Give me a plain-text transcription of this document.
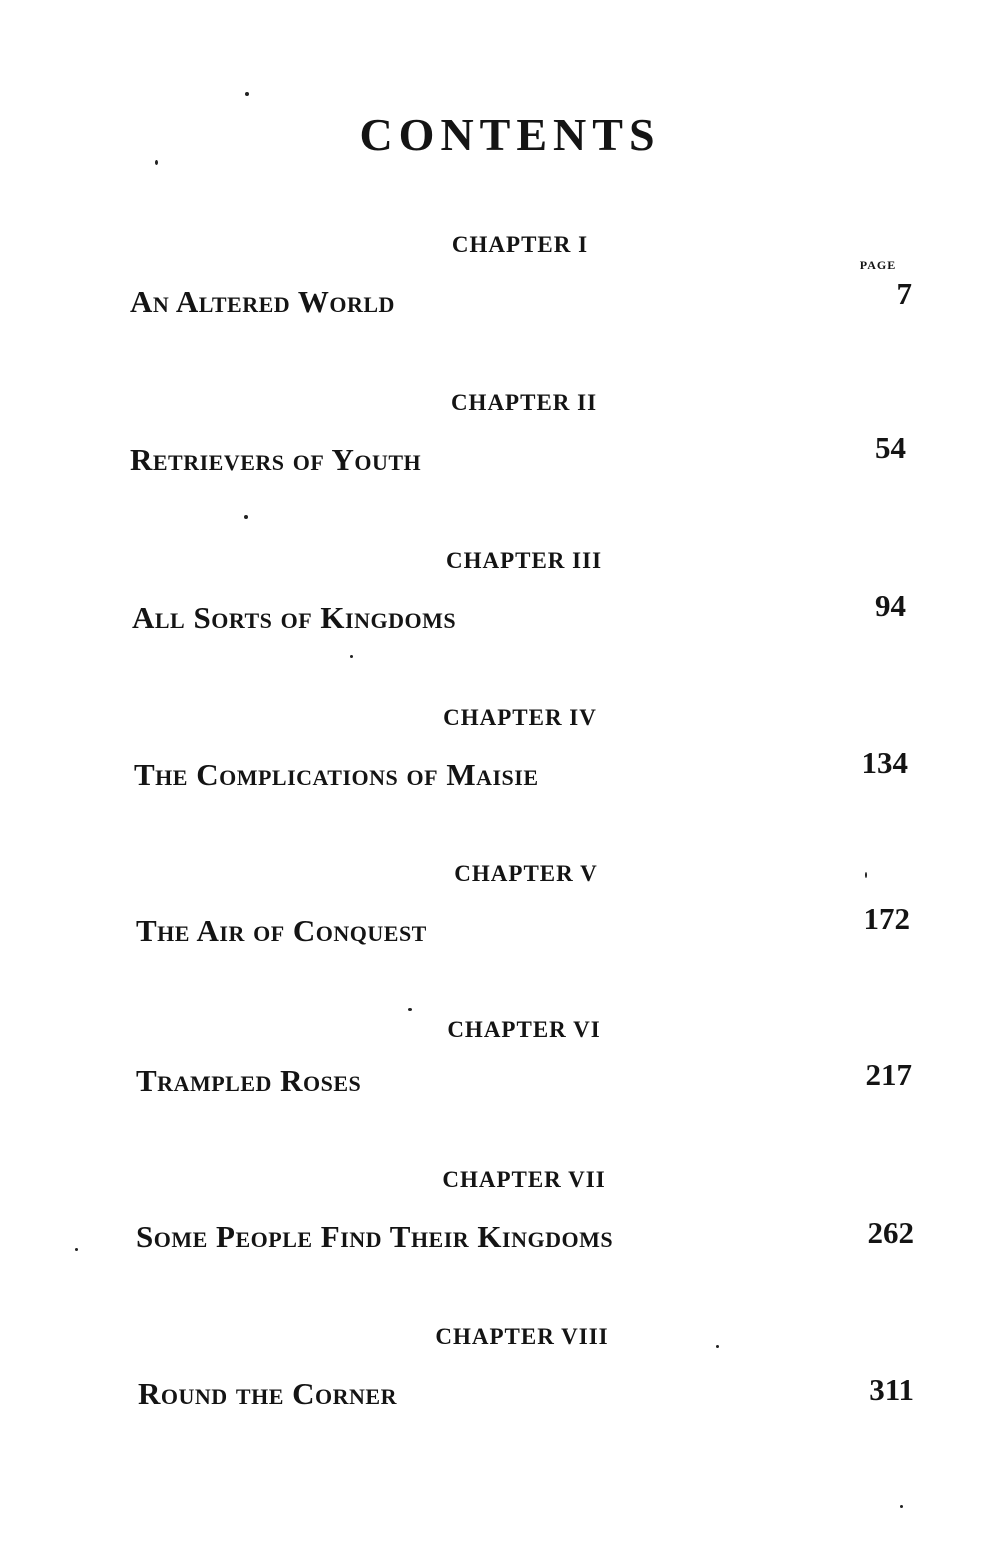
CONTENTS
PAGE
CHAPTER I
An Altered World	7
CHAPTER II
Retrievers of Youth	54
CHAPTER III
All Sorts of Kingdoms	94
CHAPTER IV
The Complications of Maisie	134
CHAPTER V
The Air of Conquest	172
CHAPTER VI
Trampled Roses	217
CHAPTER VII
Some People Find Their Kingdoms	262
CHAPTER VIII
Round the Corner	311
